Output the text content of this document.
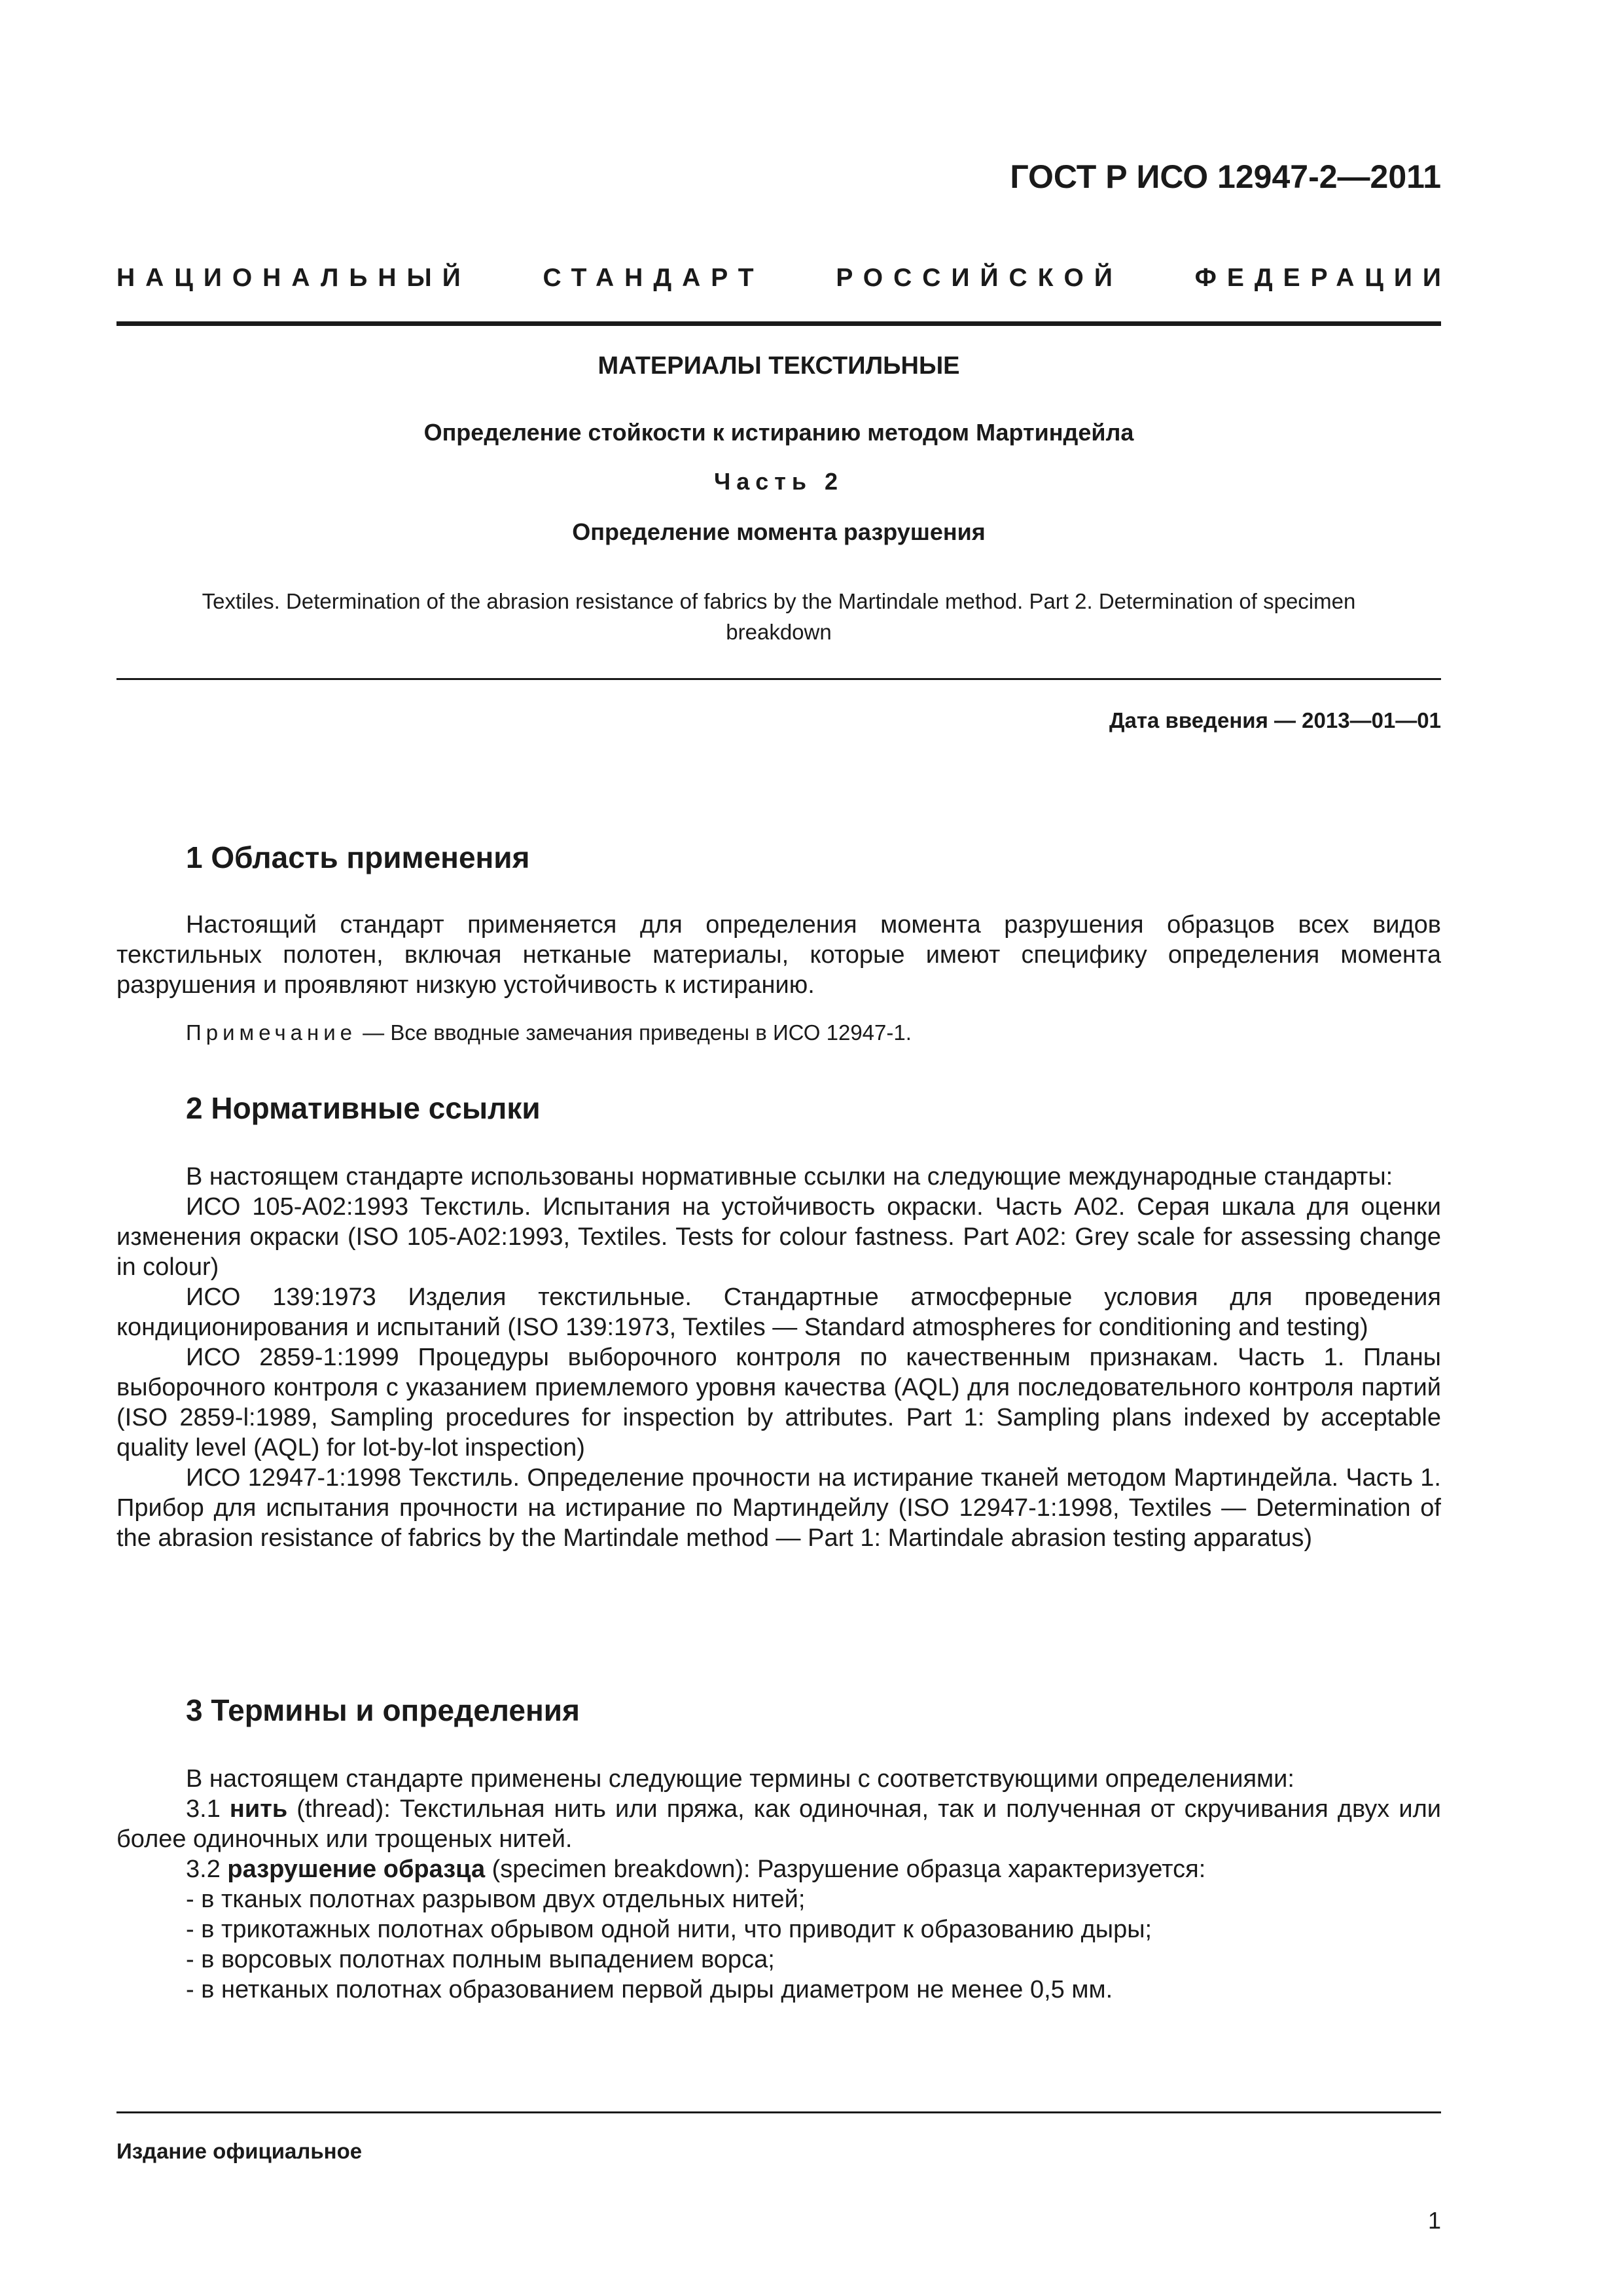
ГОСТ Р ИСО 12947-2—2011
НАЦИОНАЛЬНЫЙ	СТАНДАРТ	РОССИЙСКОЙ	ФЕДЕРАЦИИ

МАТЕРИАЛЫ ТЕКСТИЛЬНЫЕ

Определение стойкости к истиранию методом Мартиндейла

Часть 2

Определение момента разрушения

Textiles. Determination of the abrasion resistance of fabrics by the Martindale method. Part 2. Determination of specimen breakdown

Дата введения — 2013—01—01

1 Область применения

Настоящий стандарт применяется для определения момента разрушения образцов всех видов текстильных полотен, включая нетканые материалы, которые имеют специфику определения момента разрушения и проявляют низкую устойчивость к истиранию.

Примечание — Все вводные замечания приведены в ИСО 12947-1.

2 Нормативные ссылки

В настоящем стандарте использованы нормативные ссылки на следующие международные стандарты:

ИСО 105-А02:1993 Текстиль. Испытания на устойчивость окраски. Часть А02. Серая шкала для оценки изменения окраски (ISO 105-A02:1993, Textiles. Tests for colour fastness. Part A02: Grey scale for assessing change in colour)

ИСО 139:1973 Изделия текстильные. Стандартные атмосферные условия для проведения кондиционирования и испытаний (ISO 139:1973, Textiles — Standard atmospheres for conditioning and testing)

ИСО 2859-1:1999 Процедуры выборочного контроля по качественным признакам. Часть 1. Планы выборочного контроля с указанием приемлемого уровня качества (AQL) для последовательного контроля партий (ISO 2859-l:1989, Sampling procedures for inspection by attributes. Part 1: Sampling plans indexed by acceptable quality level (AQL) for lot-by-lot inspection)

ИСО 12947-1:1998 Текстиль. Определение прочности на истирание тканей методом Мартиндейла. Часть 1. Прибор для испытания прочности на истирание по Мартиндейлу (ISO 12947-1:1998, Textiles — Determination of the abrasion resistance of fabrics by the Martindale method — Part 1: Martindale abrasion testing apparatus)

3 Термины и определения

В настоящем стандарте применены следующие термины с соответствующими определениями:

3.1 нить (thread): Текстильная нить или пряжа, как одиночная, так и полученная от скручивания двух или более одиночных или трощеных нитей.

3.2 разрушение образца (specimen breakdown): Разрушение образца характеризуется:

- в тканых полотнах разрывом двух отдельных нитей;

- в трикотажных полотнах обрывом одной нити, что приводит к образованию дыры;

- в ворсовых полотнах полным выпадением ворса;

- в нетканых полотнах образованием первой дыры диаметром не менее 0,5 мм.

Издание официальное

1
